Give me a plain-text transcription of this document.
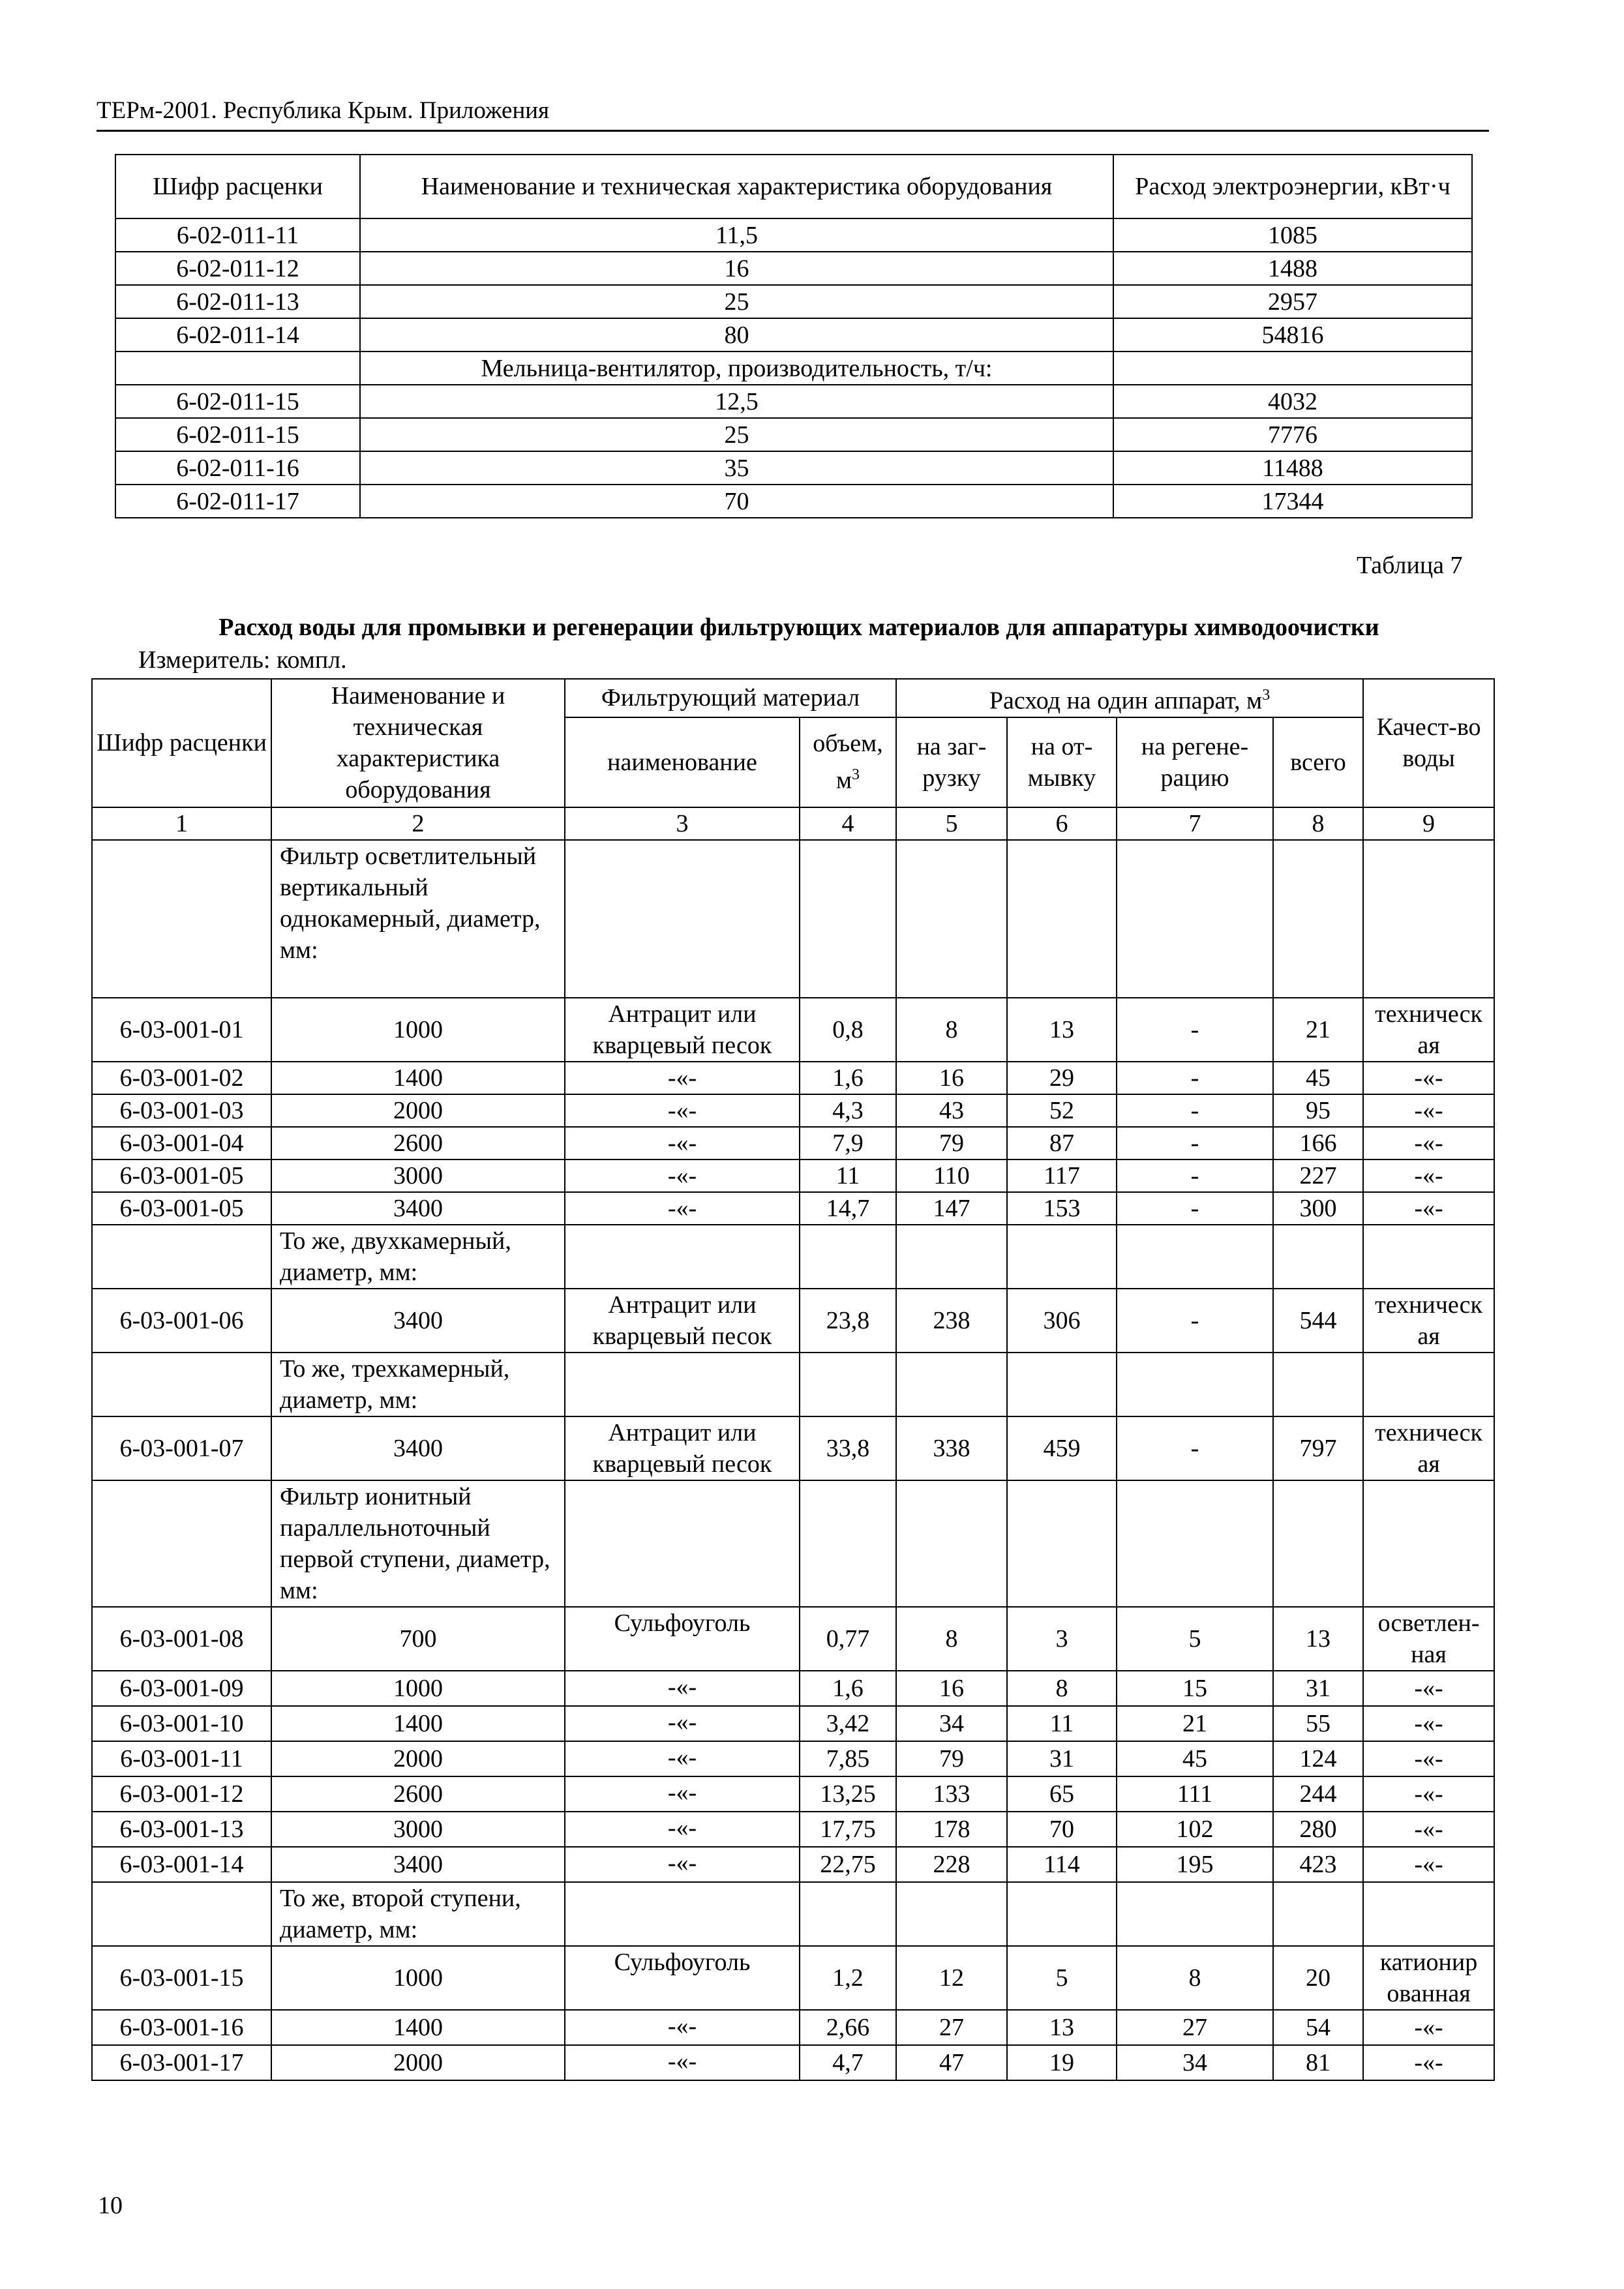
ТЕРм-2001. Республика Крым. Приложения
Шифр расценки	Наименование и техническая характеристика оборудования	Расход электроэнергии, кВт·ч
6-02-011-11	11,5	1085
6-02-011-12	16	1488
6-02-011-13	25	2957
6-02-011-14	80	54816
	Мельница-вентилятор, производительность, т/ч:	
6-02-011-15	12,5	4032
6-02-011-15	25	7776
6-02-011-16	35	11488
6-02-011-17	70	17344
Таблица 7
Расход воды для промывки и регенерации фильтрующих материалов для аппаратуры химводоочистки
Измеритель: компл.
Шифр расценки	Наименование и техническая характеристика оборудования	Фильтрующий материал		Расход на один аппарат, $м^3$				Качест-во воды
		наименование	объем, $м^3$	на заг-рузку	на от-мывку	на регене-рацию	всего	
1	2	3	4	5	6	7	8	9
	Фильтр осветлительный вертикальный однокамерный, диаметр, мм:							
6-03-001-01	1000	Антрацит или кварцевый песок	0,8	8	13	-	21	техническ ая
6-03-001-02	1400	-«-	1,6	16	29	-	45	-«-
6-03-001-03	2000	-«-	4,3	43	52	-	95	-«-
6-03-001-04	2600	-«-	7,9	79	87	-	166	-«-
6-03-001-05	3000	-«-	11	110	117	-	227	-«-
6-03-001-05	3400	-«-	14,7	147	153	-	300	-«-
	То же, двухкамерный, диаметр, мм:							
6-03-001-06	3400	Антрацит или кварцевый песок	23,8	238	306	-	544	техническ ая
	То же, трехкамерный, диаметр, мм:							
6-03-001-07	3400	Антрацит или кварцевый песок	33,8	338	459	-	797	техническ ая
	Фильтр ионитный параллельноточный первой ступени, диаметр, мм:							
6-03-001-08	700	Сульфоуголь	0,77	8	3	5	13	осветлен-ная
6-03-001-09	1000	-«-	1,6	16	8	15	31	-«-
6-03-001-10	1400	-«-	3,42	34	11	21	55	-«-
6-03-001-11	2000	-«-	7,85	79	31	45	124	-«-
6-03-001-12	2600	-«-	13,25	133	65	111	244	-«-
6-03-001-13	3000	-«-	17,75	178	70	102	280	-«-
6-03-001-14	3400	-«-	22,75	228	114	195	423	-«-
	То же, второй ступени, диаметр, мм:							
6-03-001-15	1000	Сульфоуголь	1,2	12	5	8	20	катионир ованная
6-03-001-16	1400	-«-	2,66	27	13	27	54	-«-
6-03-001-17	2000	-«-	4,7	47	19	34	81	-«-
10
